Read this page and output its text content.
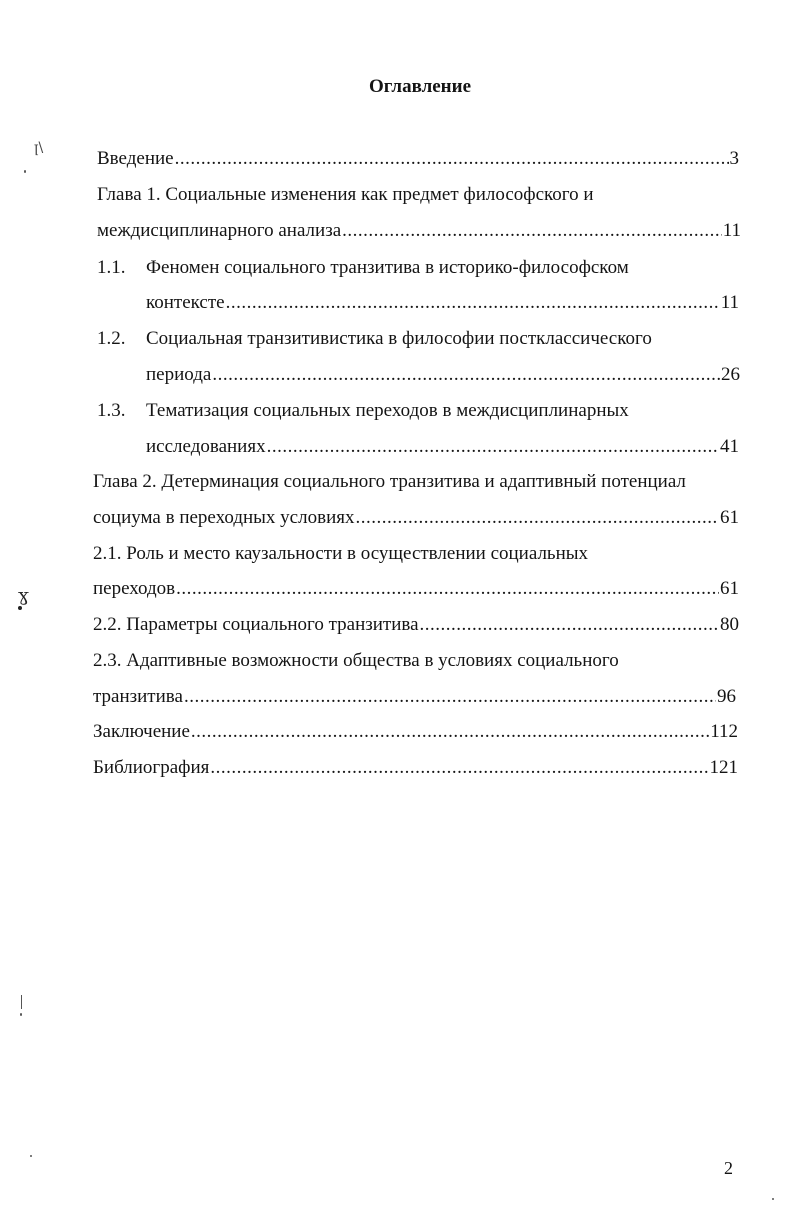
Оглавление
Введение .....	3
Глава 1. Социальные изменения как предмет философского и
междисциплинарного анализа .....	11
1.1. Феномен социального транзитива в историко-философском
контексте .....	11
1.2. Социальная транзитивистика в философии постклассического
периода .....	26
1.3. Тематизация социальных переходов в междисциплинарных
исследованиях .....	41
Глава 2. Детерминация социального транзитива и адаптивный потенциал
социума в переходных условиях .....	61
2.1. Роль и место каузальности в осуществлении социальных
переходов .....	61
2.2. Параметры социального транзитива .....	80
2.3. Адаптивные возможности общества в условиях социального
транзитива .....	96
Заключение .....	112
Библиография .....	121
2
ꞁ\
ɣ
